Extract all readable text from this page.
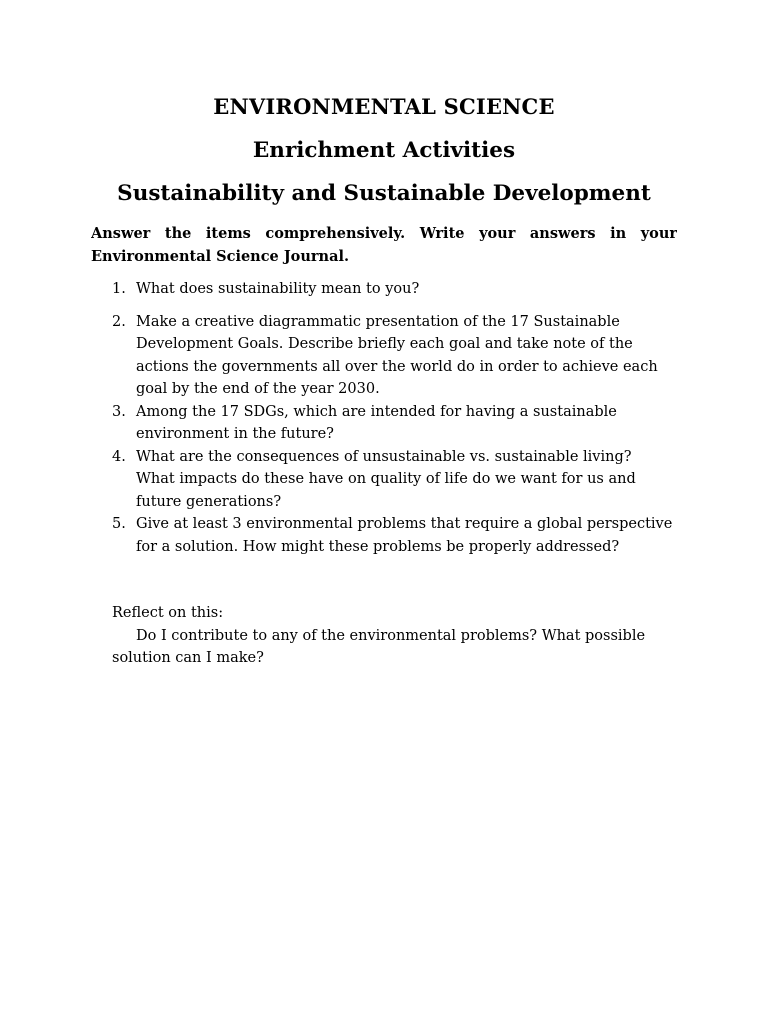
ENVIRONMENTAL SCIENCE
Enrichment Activities
Sustainability and Sustainable Development
Answer the items comprehensively. Write your answers in your
Environmental Science Journal.
1. What does sustainability mean to you?
2. Make a creative diagrammatic presentation of the 17 Sustainable
Development Goals. Describe briefly each goal and take note of the
actions the governments all over the world do in order to achieve each
goal by the end of the year 2030.
3. Among the 17 SDGs, which are intended for having a sustainable
environment in the future?
4. What are the consequences of unsustainable vs. sustainable living?
What impacts do these have on quality of life do we want for us and
future generations?
5. Give at least 3 environmental problems that require a global perspective
for a solution. How might these problems be properly addressed?
Reflect on this:
Do I contribute to any of the environmental problems? What possible
solution can I make?
